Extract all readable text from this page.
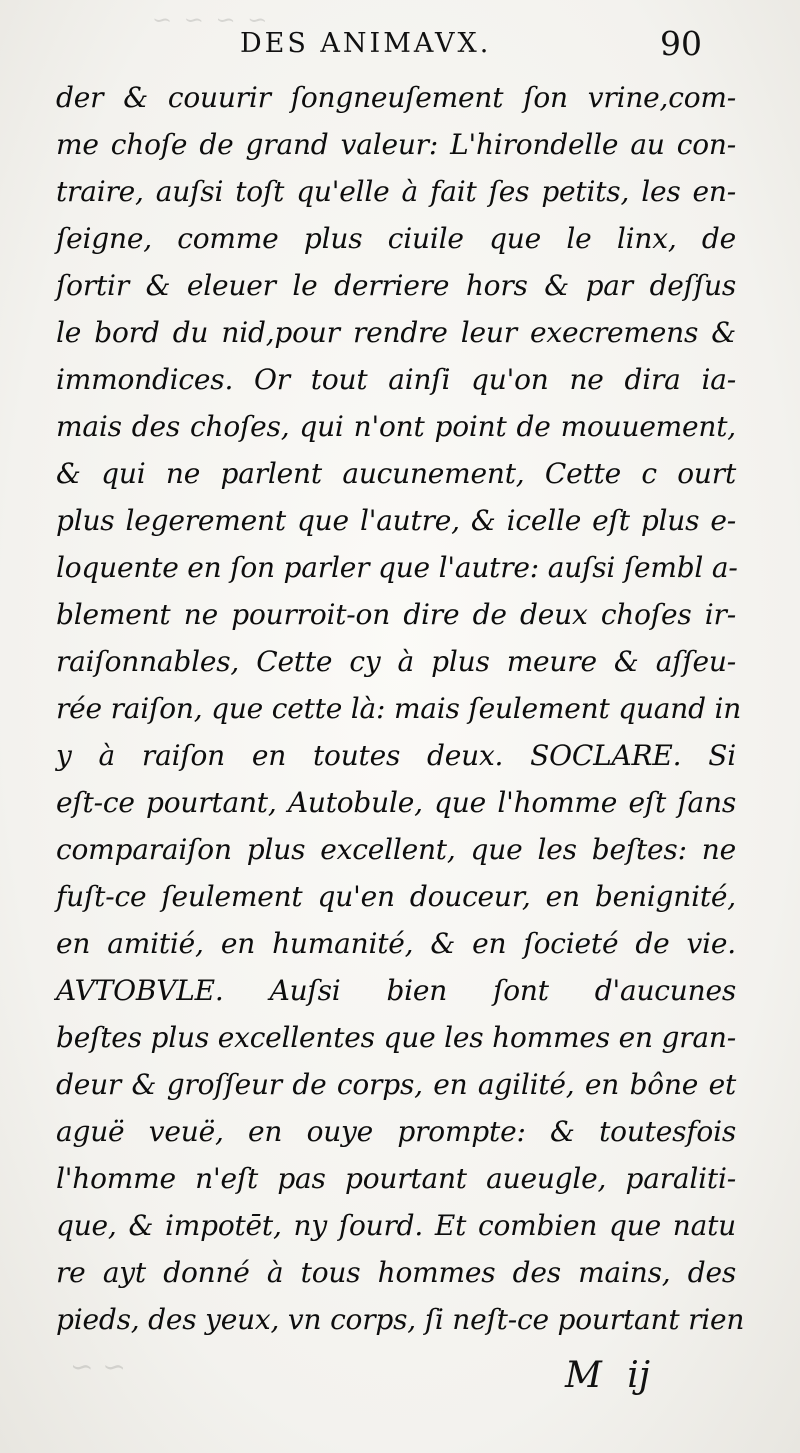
~ ~ ~ ~
~ ~
DES ANIMAVX.	90
der & couurir ſongneuſement ſon vrine,com-
me choſe de grand valeur: L'hirondelle au con-
traire, auſsi toſt qu'elle à fait ſes petits, les en-
ſeigne, comme plus ciuile que le linx, de
ſortir & eleuer le derriere hors & par deſſus
le bord du nid,pour rendre leur execremens &
immondices. Or tout ainſi qu'on ne dira ia-
mais des choſes, qui n'ont point de mouuement,
& qui ne parlent aucunement, Cette c ourt
plus legerement que l'autre, & icelle eſt plus e-
loquente en ſon parler que l'autre: auſsi ſembl a-
blement ne pourroit-on dire de deux choſes ir-
raiſonnables, Cette cy à plus meure & aſſeu-
rée raiſon, que cette là: mais ſeulement quand in
y à raiſon en toutes deux. SOCLARE. Si
eſt-ce pourtant, Autobule, que l'homme eſt ſans
comparaiſon plus excellent, que les beſtes: ne
fuſt-ce ſeulement qu'en douceur, en benignité,
en amitié, en humanité, & en ſocieté de vie.
AVTOBVLE. Auſsi bien ſont d'aucunes
beſtes plus excellentes que les hommes en gran-
deur & groſſeur de corps, en agilité, en bône et
aguë veuë, en ouye prompte: & toutesfois
l'homme n'eſt pas pourtant aueugle, paraliti-
que, & impotēt, ny ſourd. Et combien que natu
re ayt donné à tous hommes des mains, des
pieds, des yeux, vn corps, ſi neſt-ce pourtant rien
M ij
